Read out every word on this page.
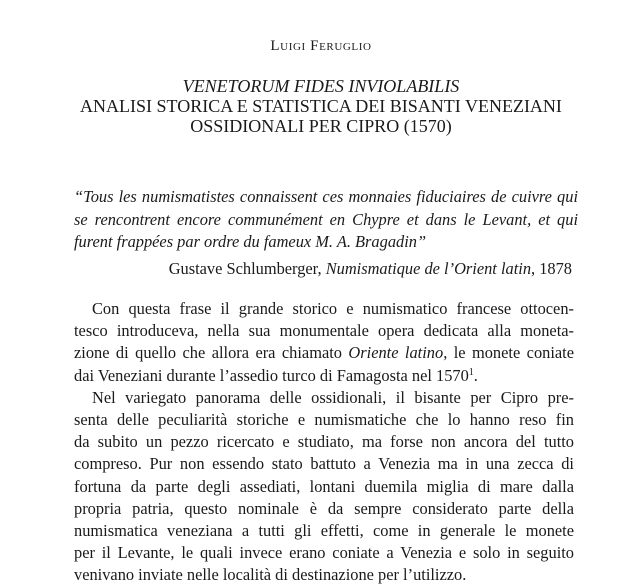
Luigi Feruglio
VENETORUM FIDES INVIOLABILIS
ANALISI STORICA E STATISTICA DEI BISANTI VENEZIANI
OSSIDIONALI PER CIPRO (1570)
“Tous les numismatistes connaissent ces monnaies fiduciaires de cuivre qui se rencontrent encore communément en Chypre et dans le Levant, et qui furent frappées par ordre du fameux M. A. Bragadin”
Gustave Schlumberger, Numismatique de l’Orient latin, 1878
Con questa frase il grande storico e numismatico francese ottocen-
tesco introduceva, nella sua monumentale opera dedicata alla moneta-
zione di quello che allora era chiamato Oriente latino, le monete coniate
dai Veneziani durante l’assedio turco di Famagosta nel 1570$^1$.
Nel variegato panorama delle ossidionali, il bisante per Cipro pre-
senta delle peculiarità storiche e numismatiche che lo hanno reso fin
da subito un pezzo ricercato e studiato, ma forse non ancora del tutto
compreso. Pur non essendo stato battuto a Venezia ma in una zecca di
fortuna da parte degli assediati, lontani duemila miglia di mare dalla
propria patria, questo nominale è da sempre considerato parte della
numismatica veneziana a tutti gli effetti, come in generale le monete
per il Levante, le quali invece erano coniate a Venezia e solo in seguito
venivano inviate nelle località di destinazione per l’utilizzo.
